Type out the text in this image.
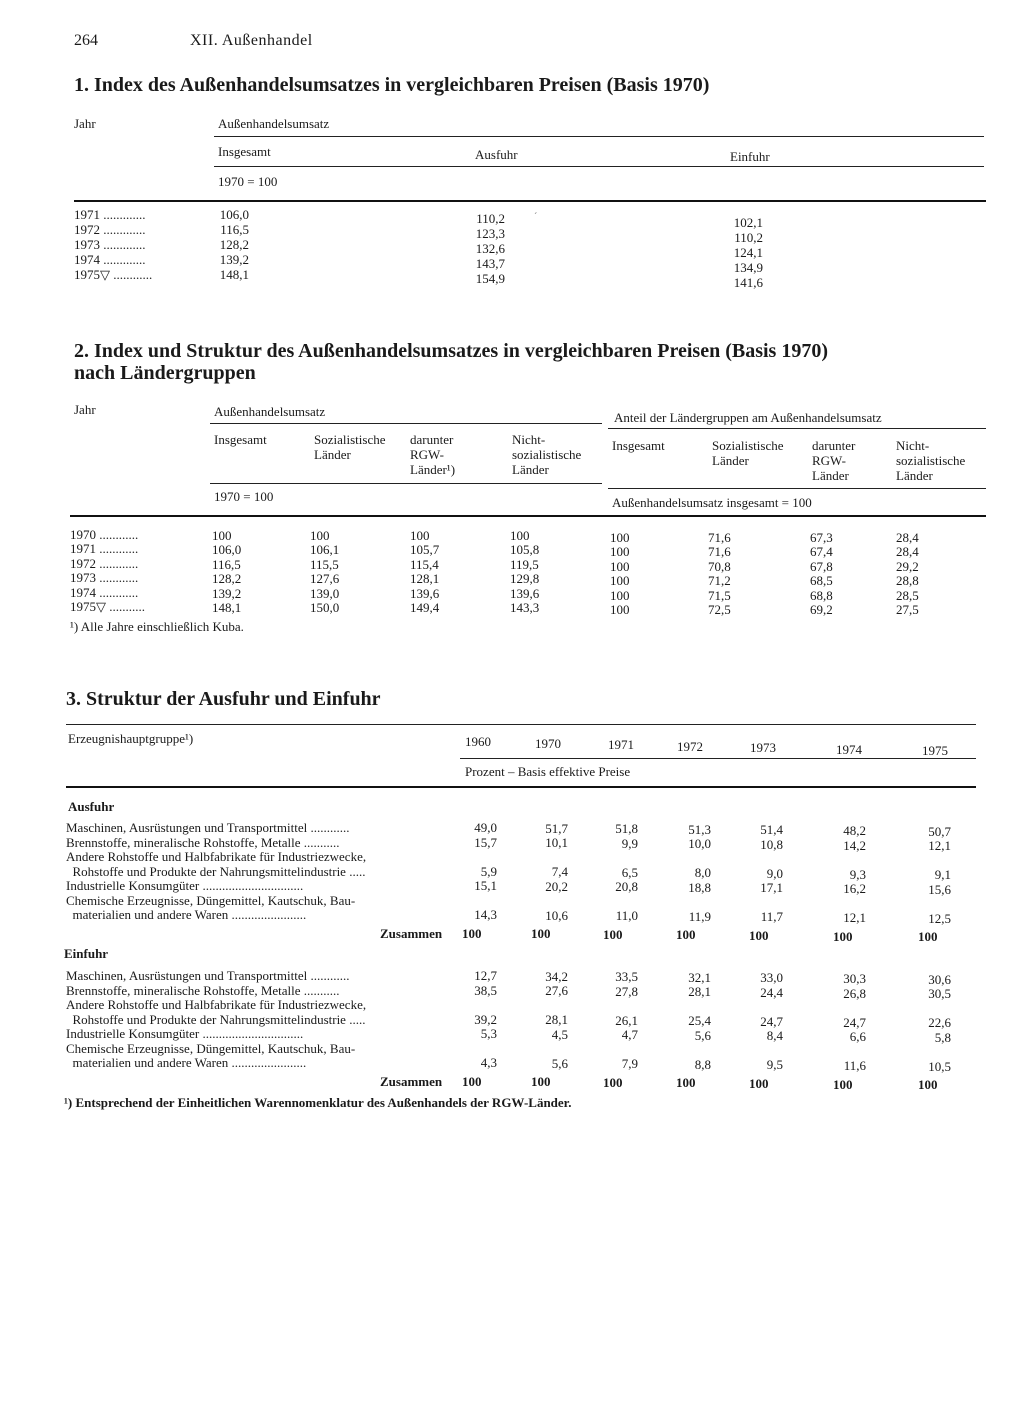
264	XII. Außenhandel
1. Index des Außenhandelsumsatzes in vergleichbaren Preisen (Basis 1970)
Jahr	Außenhandelsumsatz
Insgesamt	Ausfuhr	Einfuhr
1970 = 100
1971 .............	106,0	110,2	102,1
1972 .............	116,5	123,3	110,2
1973 .............	128,2	132,6	124,1
1974 .............	139,2	143,7	134,9
1975▽ ............	148,1	154,9	141,6
2. Index und Struktur des Außenhandelsumsatzes in vergleichbaren Preisen (Basis 1970)
nach Ländergruppen
Jahr	Außenhandelsumsatz	Anteil der Ländergruppen am Außenhandelsumsatz
Insgesamt	Sozialistische
Länder
darunter
RGW-
Länder¹)
Nicht-
sozialistische
Länder
Insgesamt	Sozialistische
Länder
darunter
RGW-
Länder
Nicht-
sozialistische
Länder
1970 = 100	Außenhandelsumsatz insgesamt = 100
1970 ............	100	100	100	100	100	71,6	67,3	28,4
1971 ............	106,0	106,1	105,7	105,8	100	71,6	67,4	28,4
1972 ............	116,5	115,5	115,4	119,5	100	70,8	67,8	29,2
1973 ............	128,2	127,6	128,1	129,8	100	71,2	68,5	28,8
1974 ............	139,2	139,0	139,6	139,6	100	71,5	68,8	28,5
1975▽ ...........	148,1	150,0	149,4	143,3	100	72,5	69,2	27,5
¹) Alle Jahre einschließlich Kuba.
3. Struktur der Ausfuhr und Einfuhr
Erzeugnishauptgruppe¹)	1960	1970	1971	1972	1973	1974	1975
Prozent – Basis effektive Preise
Ausfuhr
Maschinen, Ausrüstungen und Transportmittel ............	49,0	51,7	51,8	51,3	51,4	48,2	50,7
Brennstoffe, mineralische Rohstoffe, Metalle ...........	15,7	10,1	9,9	10,0	10,8	14,2	12,1
Andere Rohstoffe und Halbfabrikate für Industriezwecke,
Rohstoffe und Produkte der Nahrungsmittelindustrie .....	5,9	7,4	6,5	8,0	9,0	9,3	9,1
Industrielle Konsumgüter ...............................	15,1	20,2	20,8	18,8	17,1	16,2	15,6
Chemische Erzeugnisse, Düngemittel, Kautschuk, Bau-
materialien und andere Waren .......................	14,3	10,6	11,0	11,9	11,7	12,1	12,5
Zusammen 100	100	100	100	100	100	100
Einfuhr
Maschinen, Ausrüstungen und Transportmittel ............	12,7	34,2	33,5	32,1	33,0	30,3	30,6
Brennstoffe, mineralische Rohstoffe, Metalle ...........	38,5	27,6	27,8	28,1	24,4	26,8	30,5
Andere Rohstoffe und Halbfabrikate für Industriezwecke,
Rohstoffe und Produkte der Nahrungsmittelindustrie .....	39,2	28,1	26,1	25,4	24,7	24,7	22,6
Industrielle Konsumgüter ...............................	5,3	4,5	4,7	5,6	8,4	6,6	5,8
Chemische Erzeugnisse, Düngemittel, Kautschuk, Bau-
materialien und andere Waren .......................	4,3	5,6	7,9	8,8	9,5	11,6	10,5
Zusammen 100	100	100	100	100	100	100
¹) Entsprechend der Einheitlichen Warennomenklatur des Außenhandels der RGW-Länder.
ˊ
